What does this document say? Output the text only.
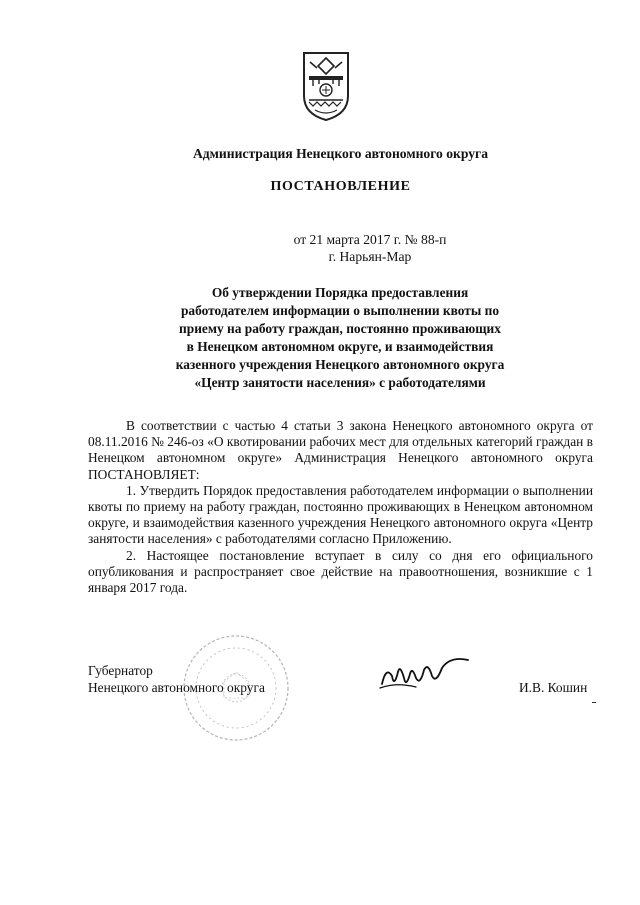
Администрация Ненецкого автономного округа
ПОСТАНОВЛЕНИЕ
от 21 марта 2017 г. № 88-п
г. Нарьян-Мар
Об утверждении Порядка предоставления
работодателем информации о выполнении квоты по
приему на работу граждан, постоянно проживающих
в Ненецком автономном округе, и взаимодействия
казенного учреждения Ненецкого автономного округа
«Центр занятости населения» с работодателями

В соответствии с частью 4 статьи 3 закона Ненецкого автономного округа от 08.11.2016 № 246-оз «О квотировании рабочих мест для отдельных категорий граждан в Ненецком автономном округе» Администрация Ненецкого автономного округа ПОСТАНОВЛЯЕТ:

1. Утвердить Порядок предоставления работодателем информации о выполнении квоты по приему на работу граждан, постоянно проживающих в Ненецком автономном округе, и взаимодействия казенного учреждения Ненецкого автономного округа «Центр занятости населения» с работодателями согласно Приложению.

2. Настоящее постановление вступает в силу со дня его официального опубликования и распространяет свое действие на правоотношения, возникшие с 1 января 2017 года.

Губернатор
Ненецкого автономного округа	И.В. Кошин
